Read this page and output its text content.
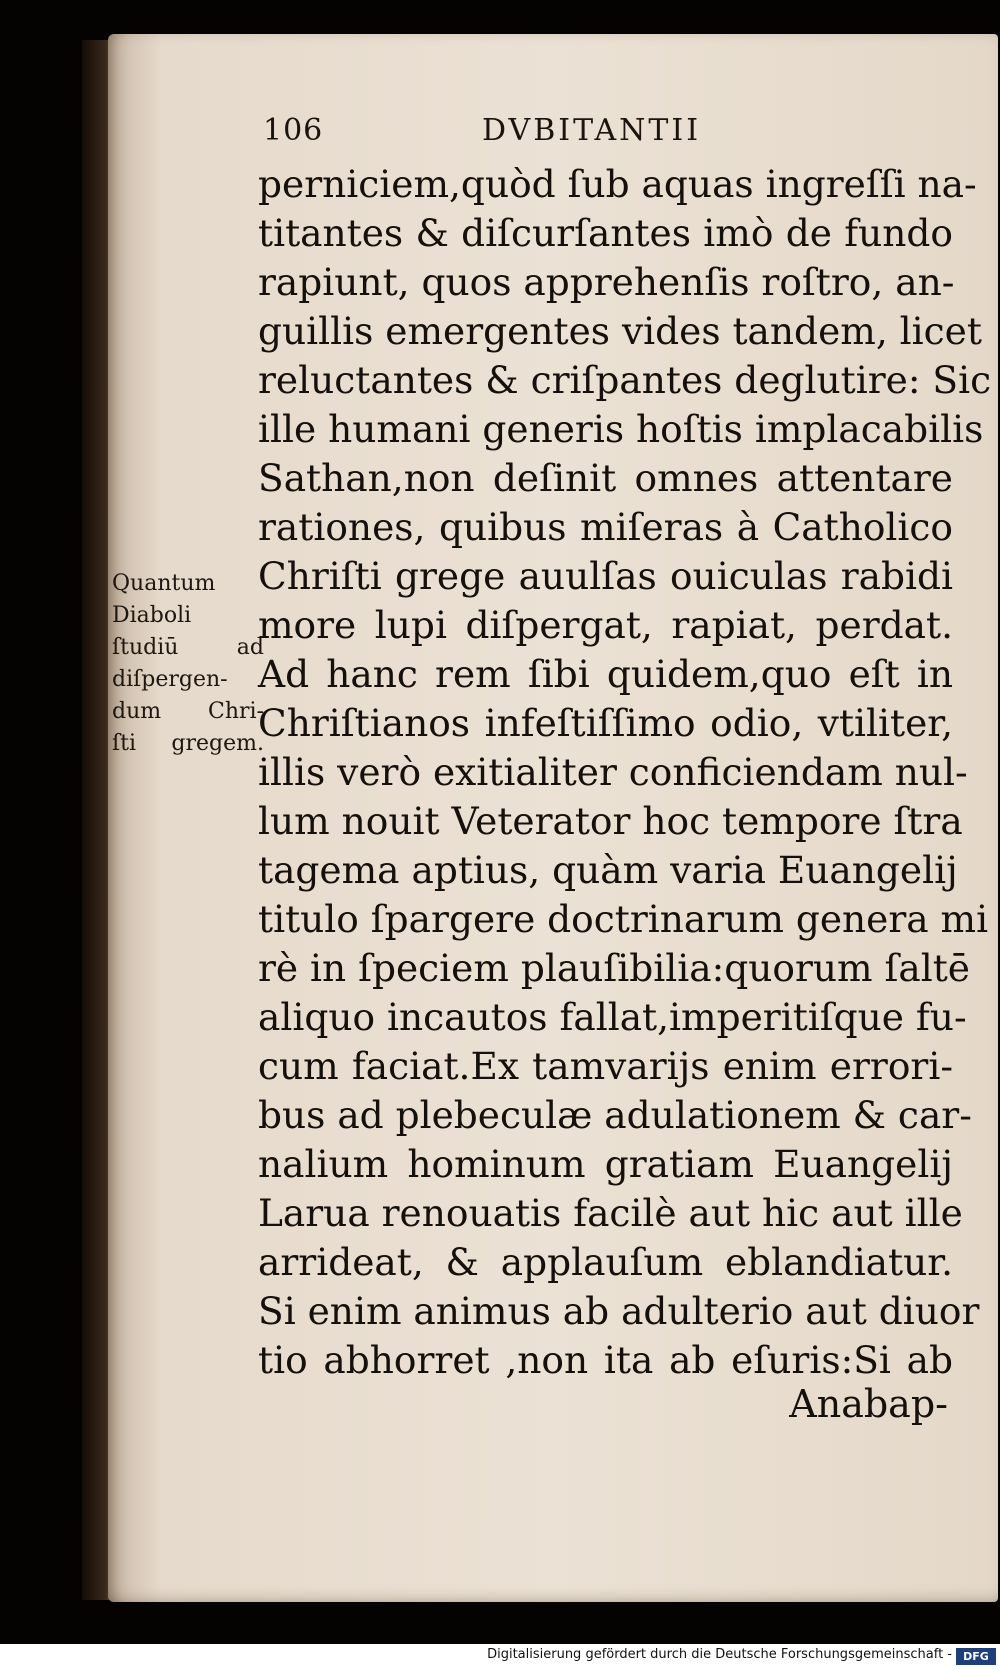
106	DVBITANTII
Quantum
Diaboli
ſtudiū ad
diſpergen-
dum Chri-
ſti gregem.
perniciem,quòd ſub aquas ingreſſi na-
titantes & diſcurſantes imò de fundo
rapiunt, quos apprehenſis roſtro, an-
guillis emergentes vides tandem, licet
reluctantes & criſpantes deglutire: Sic
ille humani generis hoſtis implacabilis
Sathan,non deſinit omnes attentare
rationes, quibus miſeras à Catholico
Chriſti grege auulſas ouiculas rabidi
more lupi diſpergat, rapiat, perdat.
Ad hanc rem ſibi quidem,quo eſt in
Chriſtianos infeſtiſſimo odio, vtiliter,
illis verò exitialiter conficiendam nul-
lum nouit Veterator hoc tempore ſtra
tagema aptius, quàm varia Euangelij
titulo ſpargere doctrinarum genera mi
rè in ſpeciem plauſibilia:quorum ſaltē
aliquo incautos fallat,imperitiſque fu-
cum faciat.Ex tamvarijs enim errori-
bus ad plebeculæ adulationem & car-
nalium hominum gratiam Euangelij
Larua renouatis facilè aut hic aut ille
arrideat, & applauſum eblandiatur.
Si enim animus ab adulterio aut diuor
tio abhorret ,non ita ab eſuris:Si ab
Anabap-
Digitalisierung gefördert durch die Deutsche Forschungsgemeinschaft -	DFG
